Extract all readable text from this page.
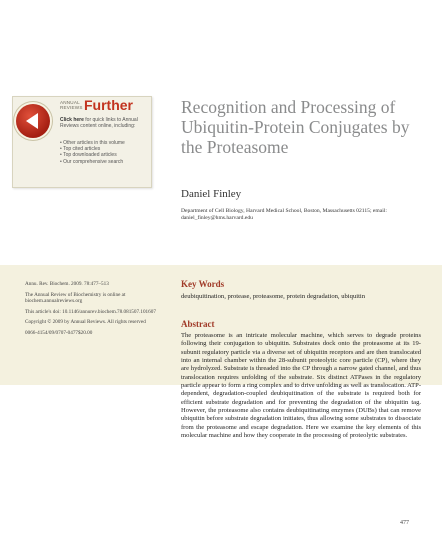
ANNUAL REVIEWS Further
Click here for quick links to Annual Reviews content online, including:
• Other articles in this volume
• Top cited articles
• Top downloaded articles
• Our comprehensive search
Recognition and Processing of Ubiquitin-Protein Conjugates by the Proteasome
Daniel Finley
Department of Cell Biology, Harvard Medical School, Boston, Massachusetts 02115; email: daniel_finley@hms.harvard.edu

Annu. Rev. Biochem. 2009. 78:477–513

The Annual Review of Biochemistry is online at biochem.annualreviews.org

This article's doi: 10.1146/annurev.biochem.78.081507.101607

Copyright © 2009 by Annual Reviews. All rights reserved

0066-4154/09/0707-0477$20.00

Key Words
deubiquitination, protease, proteasome, protein degradation, ubiquitin
Abstract

The proteasome is an intricate molecular machine, which serves to degrade proteins following their conjugation to ubiquitin. Substrates dock onto the proteasome at its 19-subunit regulatory particle via a diverse set of ubiquitin receptors and are then translocated into an internal chamber within the 28-subunit proteolytic core particle (CP), where they are hydrolyzed. Substrate is threaded into the CP through a narrow gated channel, and thus translocation requires unfolding of the substrate. Six distinct ATPases in the regulatory particle appear to form a ring complex and to drive unfolding as well as translocation. ATP-dependent, degradation-coupled deubiquitination of the substrate is required both for efficient substrate degradation and for preventing the degradation of the ubiquitin tag. However, the proteasome also contains deubiquitinating enzymes (DUBs) that can remove ubiquitin before substrate degradation initiates, thus allowing some substrates to dissociate from the proteasome and escape degradation. Here we examine the key elements of this molecular machine and how they cooperate in the processing of proteolytic substrates.

477
